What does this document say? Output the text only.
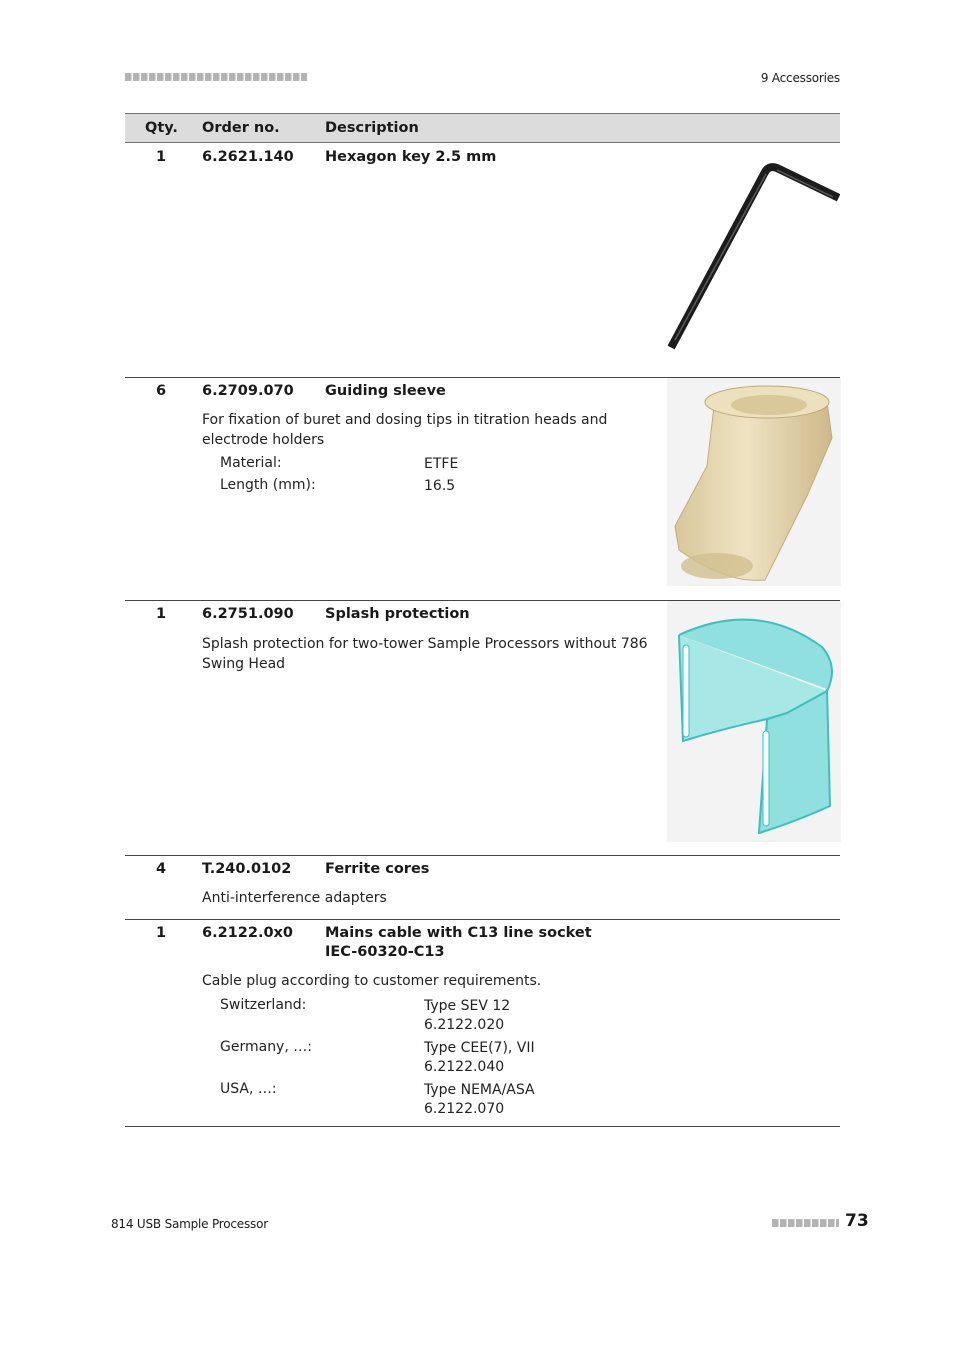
9 Accessories
Qty. Order no.	Description
1 6.2621.140 Hexagon key 2.5 mm
6 6.2709.070 Guiding sleeve
For fixation of buret and dosing tips in titration heads and electrode holders
Material:	ETFE
Length (mm):	16.5
1 6.2751.090 Splash protection
Splash protection for two-tower Sample Processors without 786 Swing Head
4 T.240.0102 Ferrite cores
Anti-interference adapters
1 6.2122.0x0 Mains cable with C13 line socket
IEC-60320-C13
Cable plug according to customer requirements.
Switzerland:	Type SEV 12
6.2122.020
Germany, …:	Type CEE(7), VII
6.2122.040
USA, …:	Type NEMA/ASA
6.2122.070
814 USB Sample Processor	73
